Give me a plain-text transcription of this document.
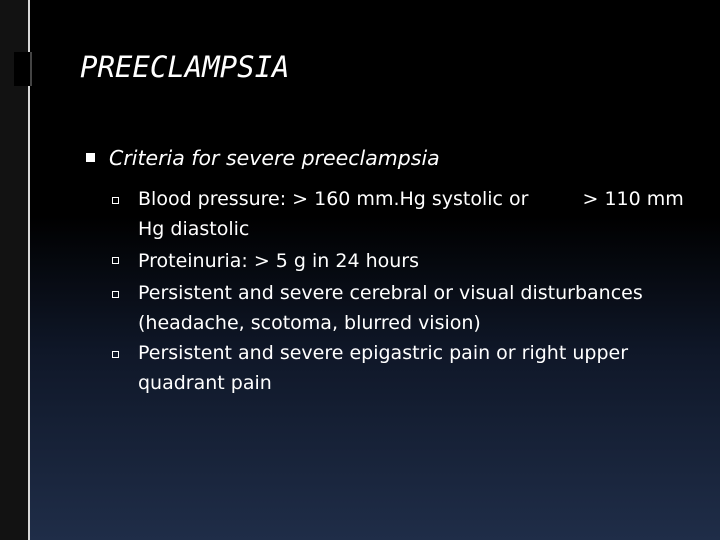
PREECLAMPSIA
Criteria for severe preeclampsia
Blood pressure: > 160 mm.Hg systolic or	> 110 mm Hg diastolic
Proteinuria: > 5 g in 24 hours
Persistent and severe cerebral or visual disturbances (headache, scotoma, blurred vision)
Persistent and severe epigastric pain or right upper quadrant pain
